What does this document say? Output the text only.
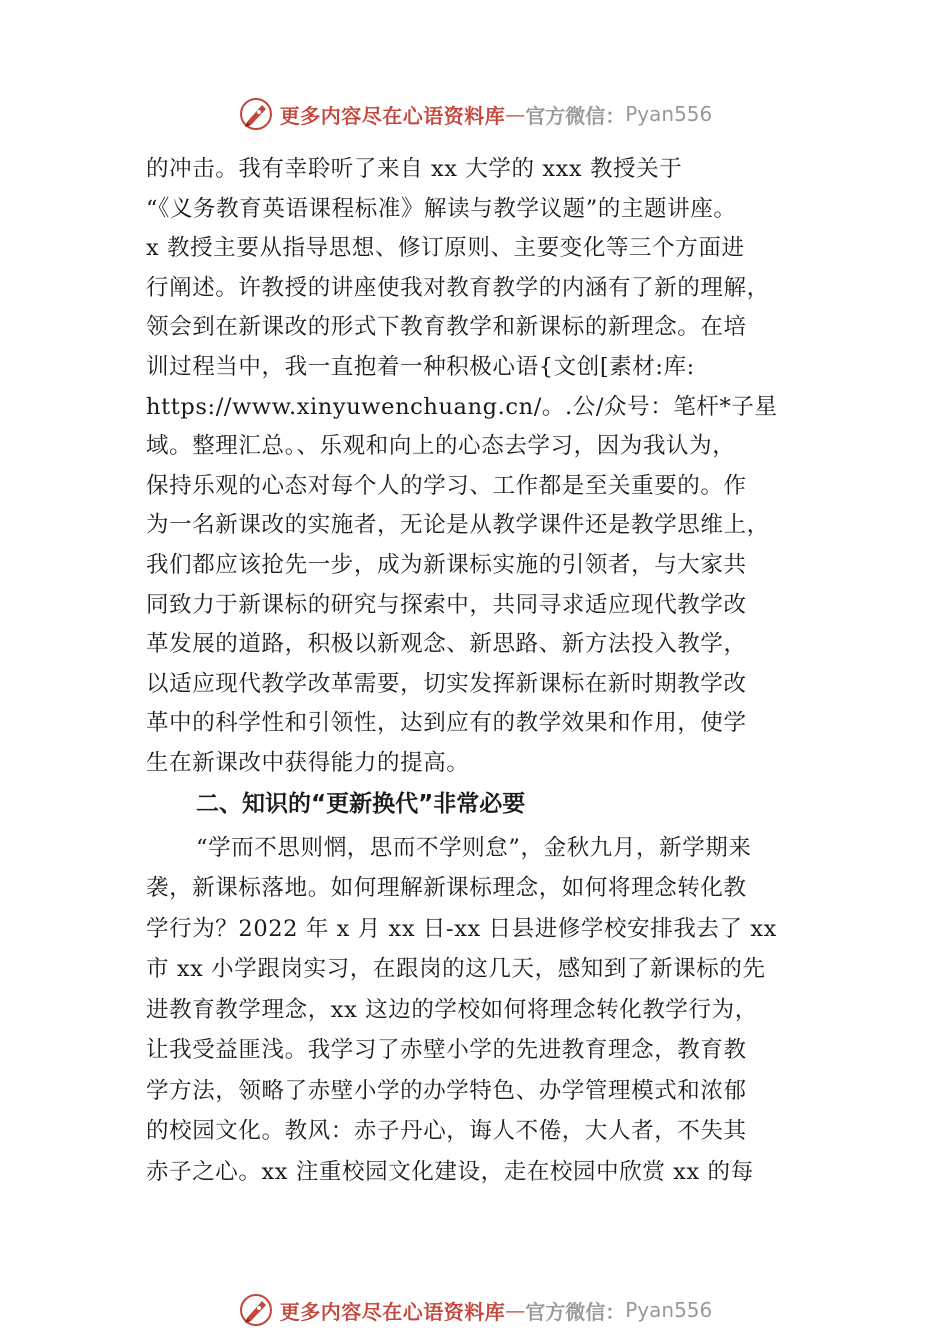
更多内容尽在心语资料库 — 官方微信： Pyan556
的冲击。我有幸聆听了来自 xx 大学的 xxx 教授关于
“《义务教育英语课程标准》解读与教学议题”的主题讲座。
x 教授主要从指导思想、修订原则、主要变化等三个方面进
行阐述。许教授的讲座使我对教育教学的内涵有了新的理解，
领会到在新课改的形式下教育教学和新课标的新理念。在培
训过程当中，我一直抱着一种积极心语{文创[素材:库:
https://www.xinyuwenchuang.cn/。.公/众号：笔杆*子星
域。整理汇总。、乐观和向上的心态去学习，因为我认为，
保持乐观的心态对每个人的学习、工作都是至关重要的。作
为一名新课改的实施者，无论是从教学课件还是教学思维上，
我们都应该抢先一步，成为新课标实施的引领者，与大家共
同致力于新课标的研究与探索中，共同寻求适应现代教学改
革发展的道路，积极以新观念、新思路、新方法投入教学，
以适应现代教学改革需要，切实发挥新课标在新时期教学改
革中的科学性和引领性，达到应有的教学效果和作用，使学
生在新课改中获得能力的提高。
二、知识的“更新换代”非常必要
“学而不思则惘，思而不学则怠”，金秋九月，新学期来
袭，新课标落地。如何理解新课标理念，如何将理念转化教
学行为？2022 年 x 月 xx 日-xx 日县进修学校安排我去了 xx
市 xx 小学跟岗实习，在跟岗的这几天，感知到了新课标的先
进教育教学理念，xx 这边的学校如何将理念转化教学行为，
让我受益匪浅。我学习了赤壁小学的先进教育理念，教育教
学方法，领略了赤壁小学的办学特色、办学管理模式和浓郁
的校园文化。教风：赤子丹心，诲人不倦，大人者，不失其
赤子之心。xx 注重校园文化建设，走在校园中欣赏 xx 的每
更多内容尽在心语资料库 — 官方微信： Pyan556
